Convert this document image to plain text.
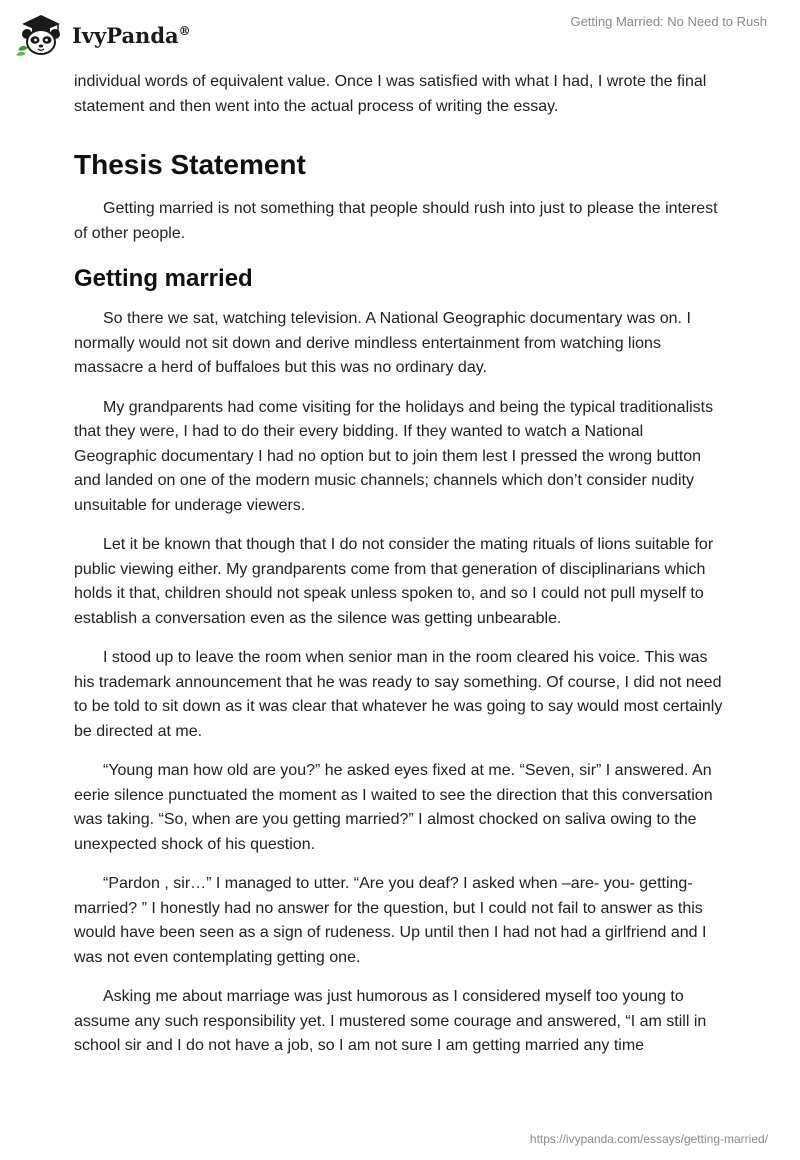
IvyPanda®
Getting Married: No Need to Rush

individual words of equivalent value. Once I was satisfied with what I had, I wrote the final statement and then went into the actual process of writing the essay.

Thesis Statement

Getting married is not something that people should rush into just to please the interest of other people.

Getting married

So there we sat, watching television. A National Geographic documentary was on. I normally would not sit down and derive mindless entertainment from watching lions massacre a herd of buffaloes but this was no ordinary day.

My grandparents had come visiting for the holidays and being the typical traditionalists that they were, I had to do their every bidding. If they wanted to watch a National Geographic documentary I had no option but to join them lest I pressed the wrong button and landed on one of the modern music channels; channels which don’t consider nudity unsuitable for underage viewers.

Let it be known that though that I do not consider the mating rituals of lions suitable for public viewing either. My grandparents come from that generation of disciplinarians which holds it that, children should not speak unless spoken to, and so I could not pull myself to establish a conversation even as the silence was getting unbearable.

I stood up to leave the room when senior man in the room cleared his voice. This was his trademark announcement that he was ready to say something. Of course, I did not need to be told to sit down as it was clear that whatever he was going to say would most certainly be directed at me.

“Young man how old are you?” he asked eyes fixed at me. “Seven, sir” I answered. An eerie silence punctuated the moment as I waited to see the direction that this conversation was taking. “So, when are you getting married?” I almost chocked on saliva owing to the unexpected shock of his question.

“Pardon , sir…” I managed to utter. “Are you deaf? I asked when –are- you- getting-married? ” I honestly had no answer for the question, but I could not fail to answer as this would have been seen as a sign of rudeness. Up until then I had not had a girlfriend and I was not even contemplating getting one.

Asking me about marriage was just humorous as I considered myself too young to assume any such responsibility yet. I mustered some courage and answered, “I am still in school sir and I do not have a job, so I am not sure I am getting married any time

https://ivypanda.com/essays/getting-married/
